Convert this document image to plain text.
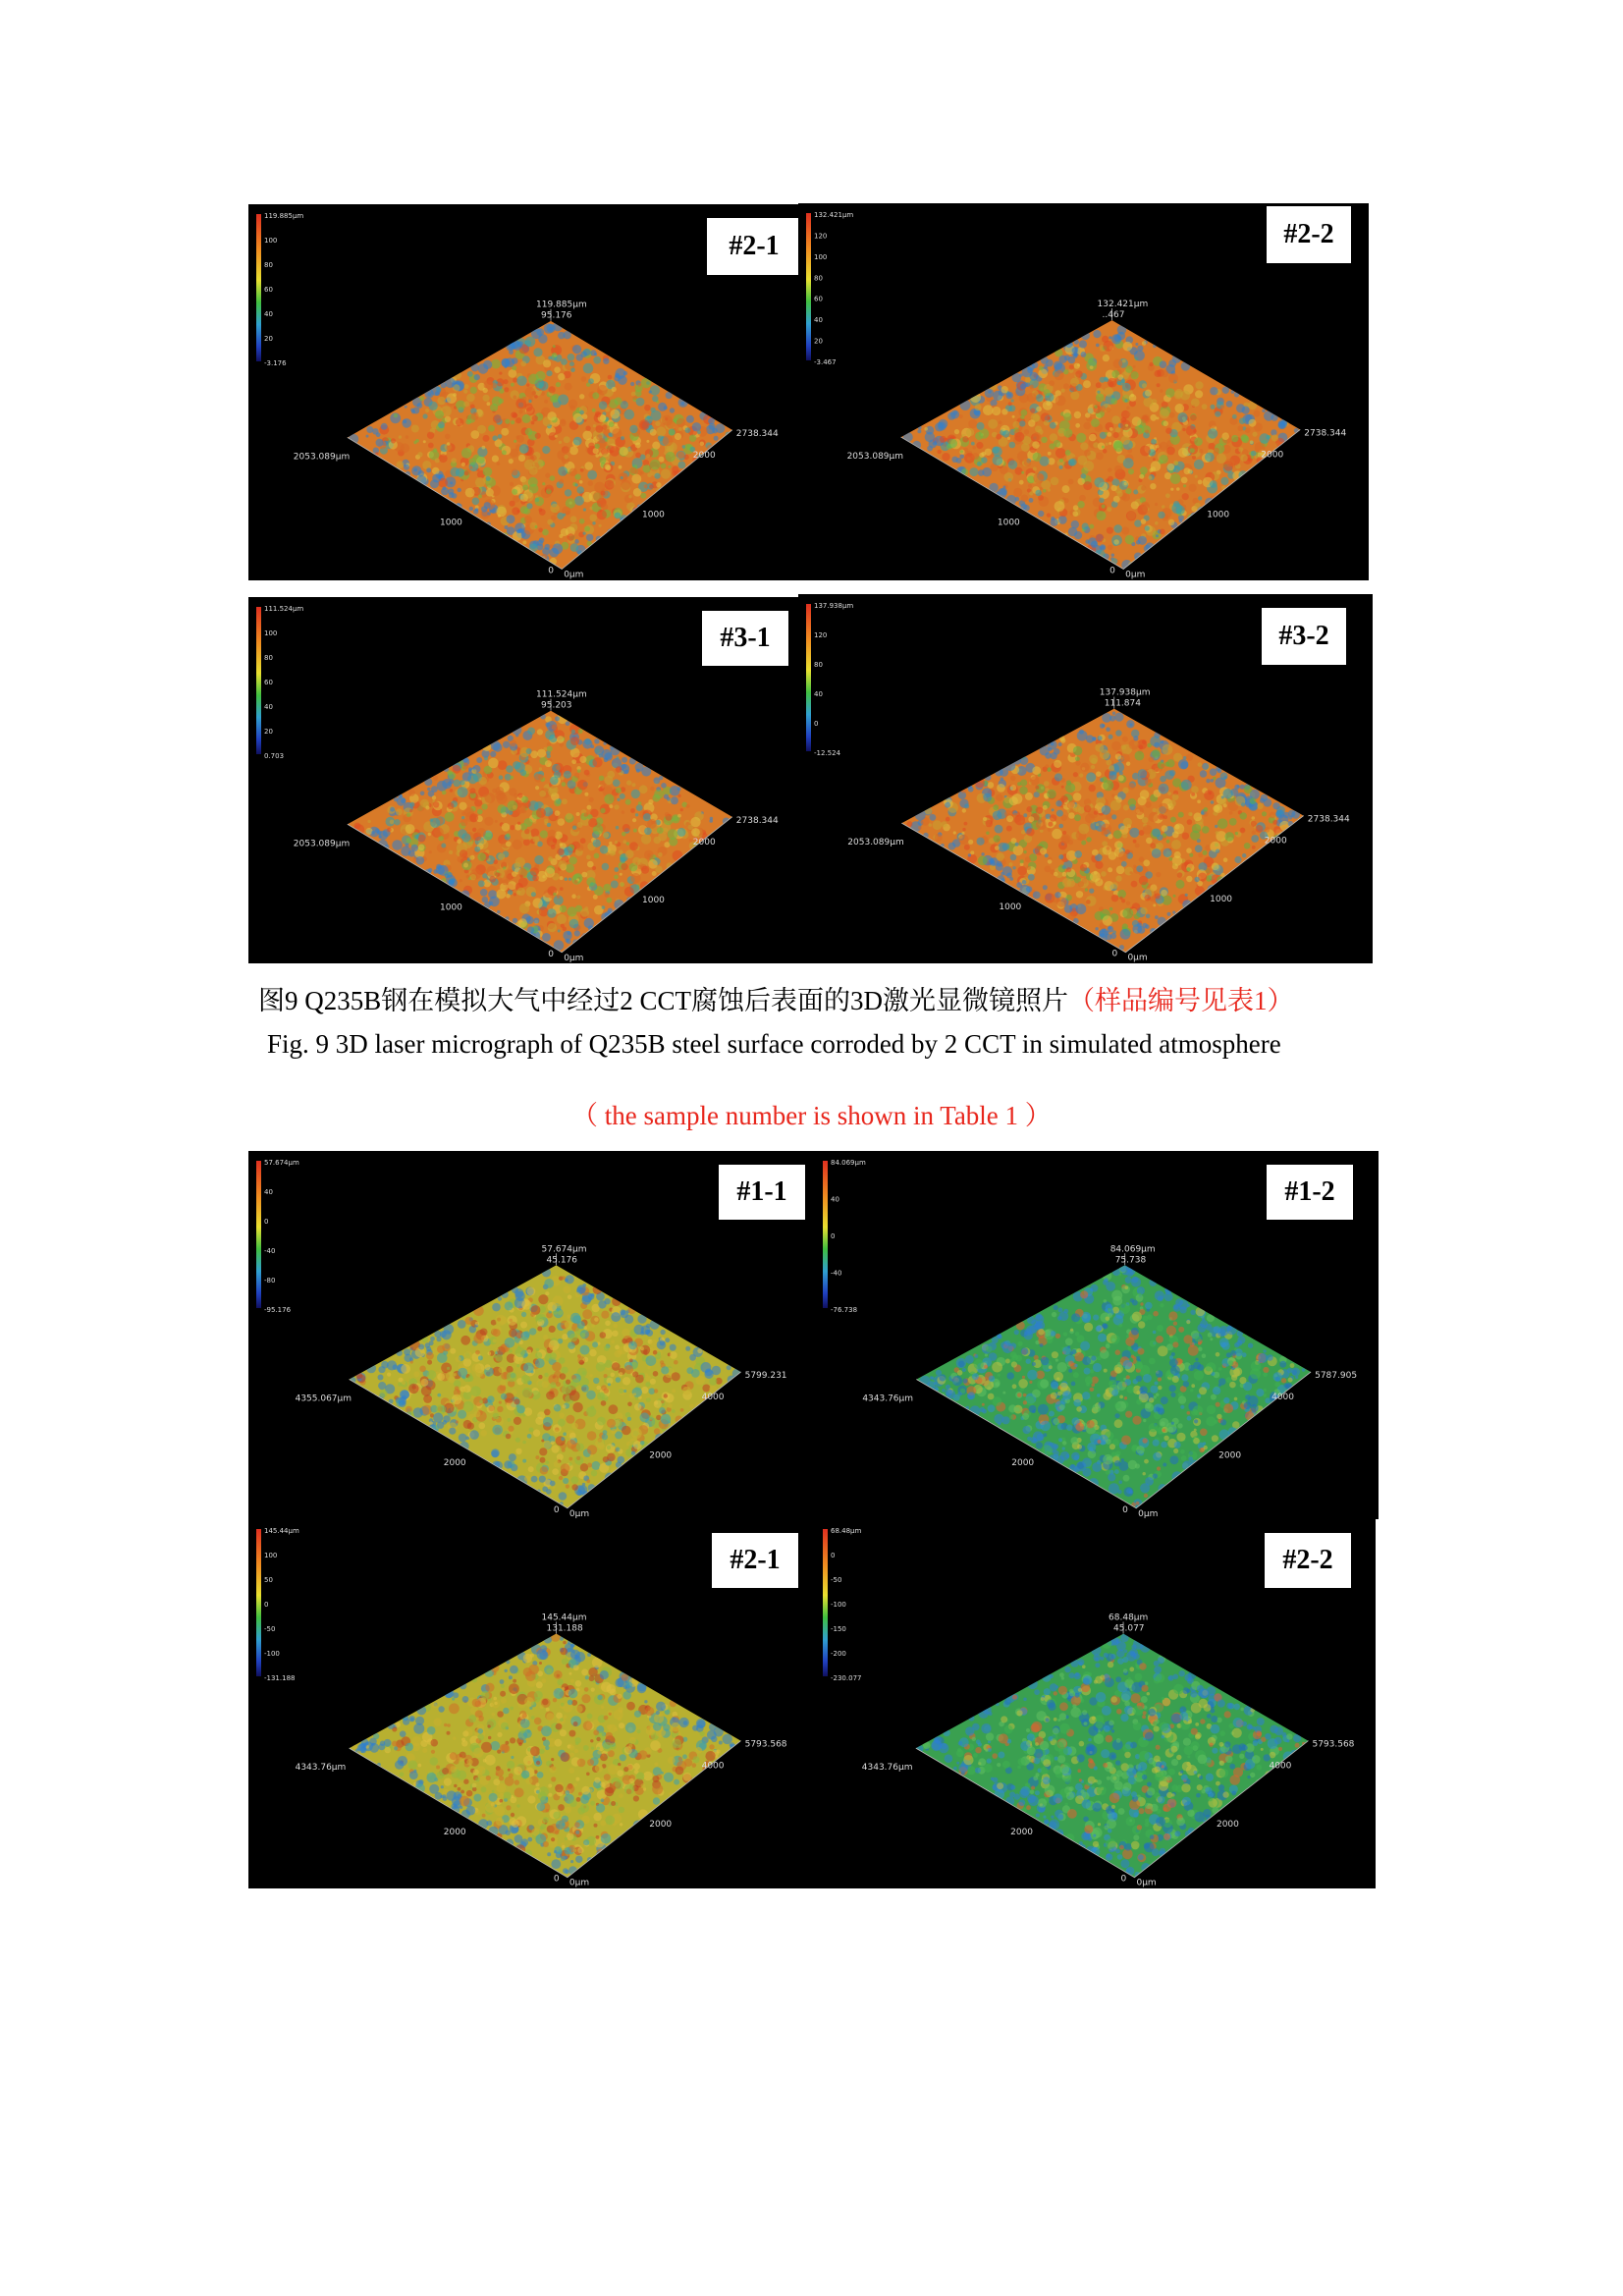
119.885μm
100
80
60
40
20
-3.176
119.885μm
95.176
2053.089μm
2738.344
2000
1000
1000
0 0μm
#2-1
132.421μm
120
100
80
60
40
20
-3.467
132.421μm
..467
2053.089μm
2738.344
2000
1000
1000
0 0μm
#2-2
111.524μm
100
80
60
40
20
0.703
111.524μm
95.203
2053.089μm
2738.344
2000
1000
1000
0 0μm
#3-1
137.938μm
120
80
40
0
-12.524
137.938μm
111.874
2053.089μm
2738.344
2000
1000
1000
0 0μm
#3-2
图9 Q235B钢在模拟大气中经过2 CCT腐蚀后表面的3D激光显微镜照片（样品编号见表1）
Fig. 9 3D laser micrograph of Q235B steel surface corroded by 2 CCT in simulated atmosphere
（ the sample number is shown in Table 1 ）
57.674μm
40
0
-40
-80
-95.176
57.674μm
45.176
4355.067μm
5799.231
4000
2000
2000
0 0μm
84.069μm
40
0
-40
-76.738
84.069μm
75.738
4343.76μm
5787.905
4000
2000
2000
0 0μm
#1-1	#1-2
145.44μm
100
50
0
-50
-100
-131.188
145.44μm
131.188
4343.76μm
5793.568
4000
2000
2000
0 0μm
68.48μm
0
-50
-100
-150
-200
-230.077
68.48μm
45.077
4343.76μm
5793.568
4000
2000
2000
0 0μm
#2-1	#2-2
